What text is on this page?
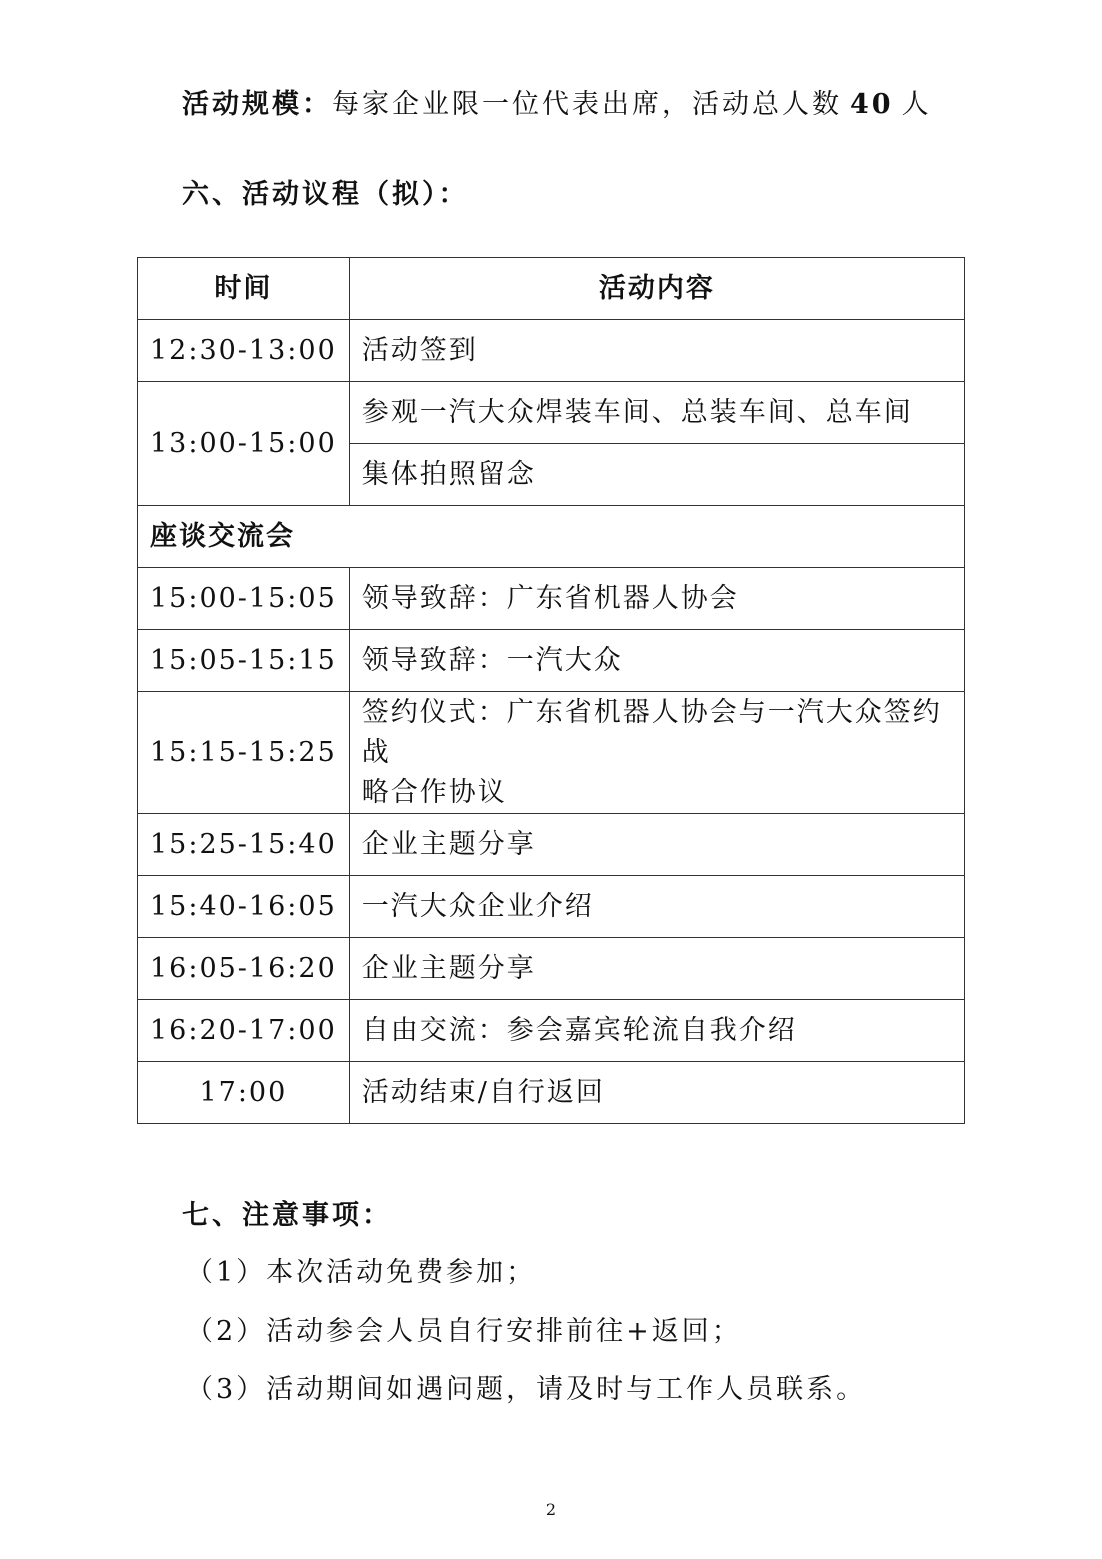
活动规模：每家企业限一位代表出席，活动总人数 40 人
六、活动议程（拟）：
时间	活动内容
12:30-13:00	活动签到
13:00-15:00	参观一汽大众焊装车间、总装车间、总车间
	集体拍照留念
座谈交流会	
15:00-15:05	领导致辞：广东省机器人协会
15:05-15:15	领导致辞：一汽大众
15:15-15:25	签约仪式：广东省机器人协会与一汽大众签约战
略合作协议

15:25-15:40	企业主题分享
15:40-16:05	一汽大众企业介绍
16:05-16:20	企业主题分享
16:20-17:00	自由交流：参会嘉宾轮流自我介绍
17:00	活动结束/自行返回
七、注意事项：
（1）本次活动免费参加；
（2）活动参会人员自行安排前往+返回；
（3）活动期间如遇问题，请及时与工作人员联系。
2
